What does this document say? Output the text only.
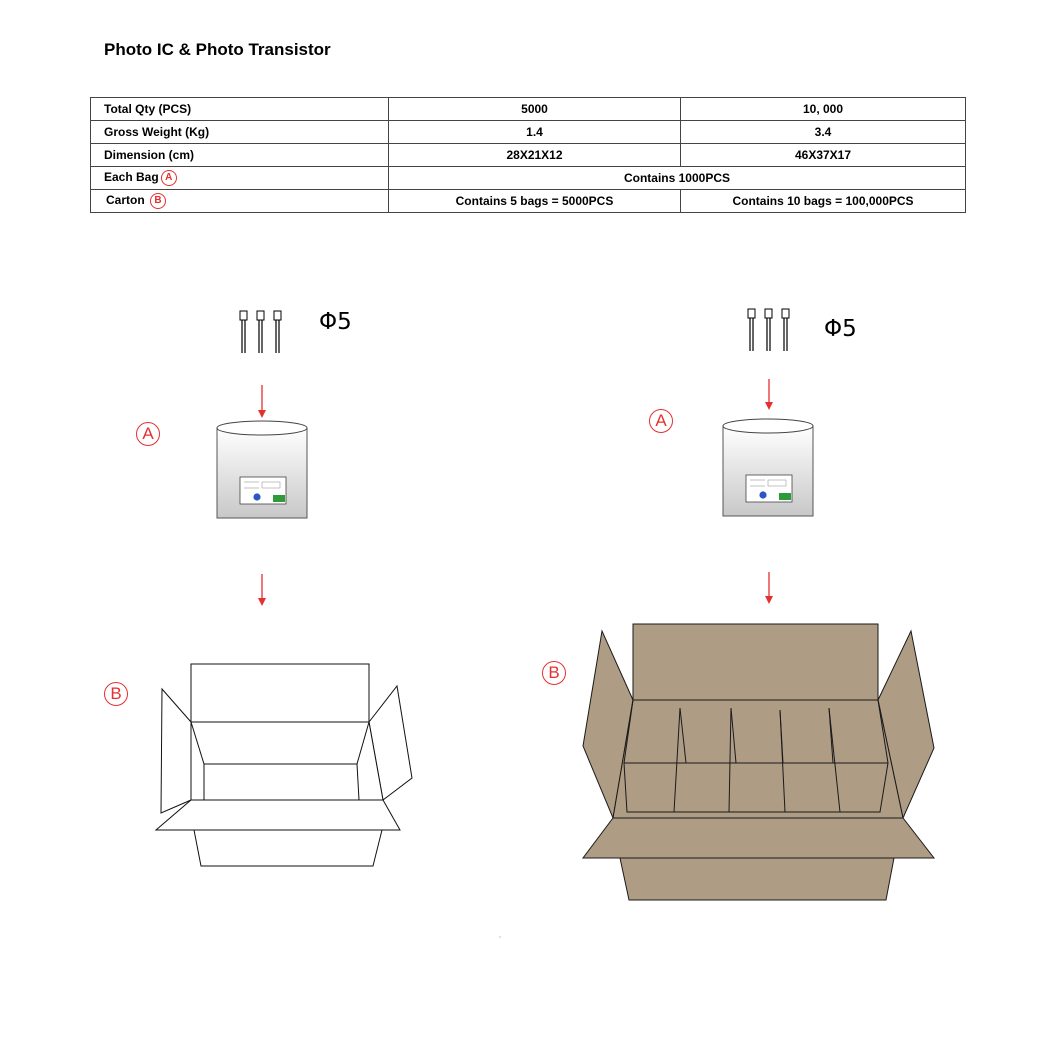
Photo IC & Photo Transistor
Total Qty (PCS)	5000	10, 000
Gross Weight (Kg)	1.4	3.4
Dimension (cm)	28X21X12	46X37X17
Each Bag A	Contains 1000PCS	
Carton B	Contains 5 bags = 5000PCS	Contains 10 bags = 100,000PCS
Φ5	Φ5
A
B
A
B
